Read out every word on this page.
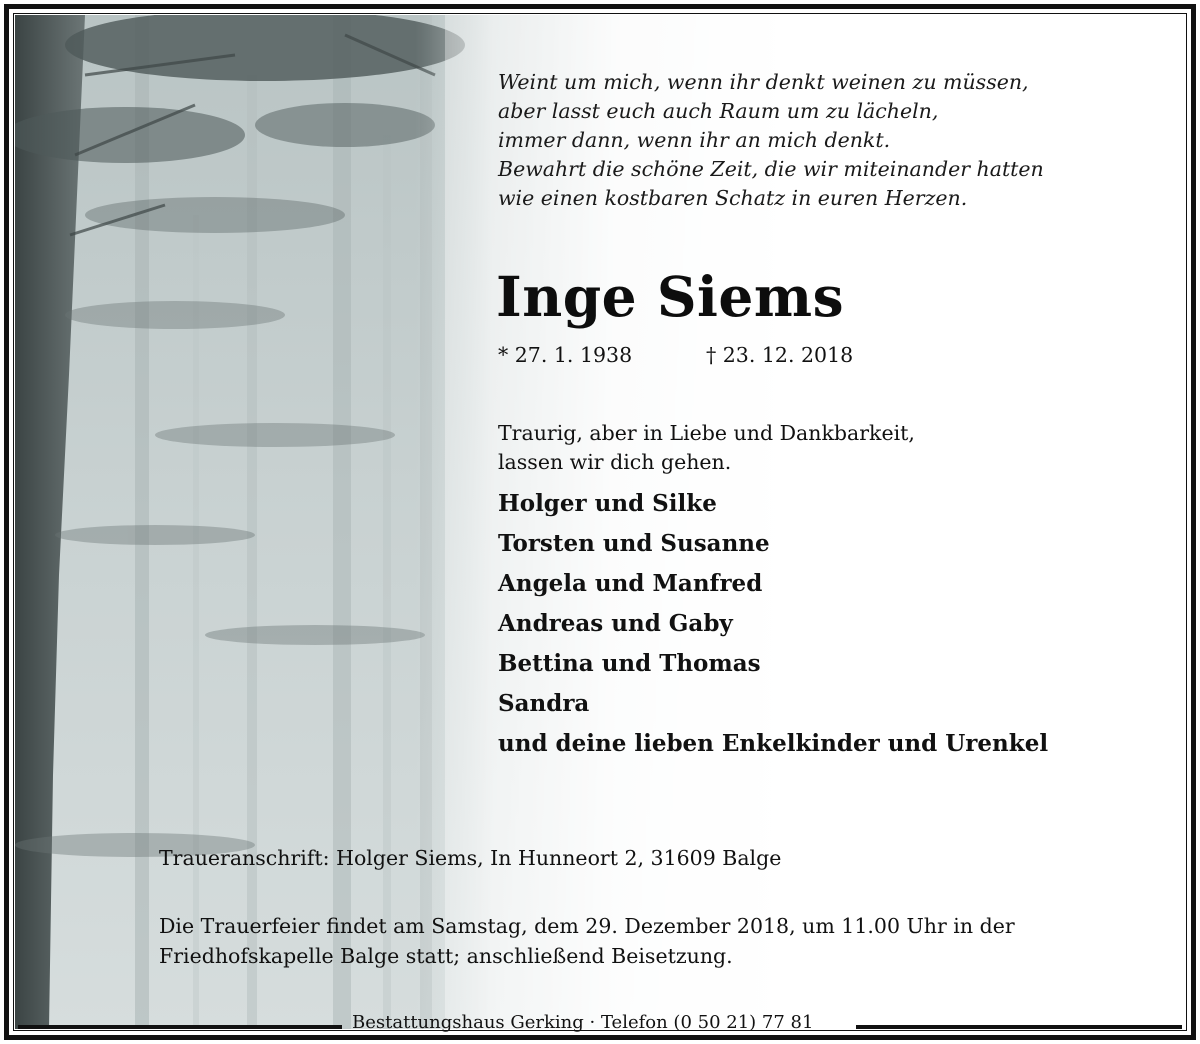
Weint um mich, wenn ihr denkt weinen zu müssen,
aber lasst euch auch Raum um zu lächeln,
immer dann, wenn ihr an mich denkt.
Bewahrt die schöne Zeit, die wir miteinander hatten
wie einen kostbaren Schatz in euren Herzen.
Inge Siems
* 27. 1. 1938	† 23. 12. 2018
Traurig, aber in Liebe und Dankbarkeit,
lassen wir dich gehen.
Holger und Silke
Torsten und Susanne
Angela und Manfred
Andreas und Gaby
Bettina und Thomas
Sandra
und deine lieben Enkelkinder und Urenkel
Traueranschrift: Holger Siems, In Hunneort 2, 31609 Balge
Die Trauerfeier findet am Samstag, dem 29. Dezember 2018, um 11.00 Uhr in der
Friedhofskapelle Balge statt; anschließend Beisetzung.
Bestattungshaus Gerking · Telefon (0 50 21) 77 81
